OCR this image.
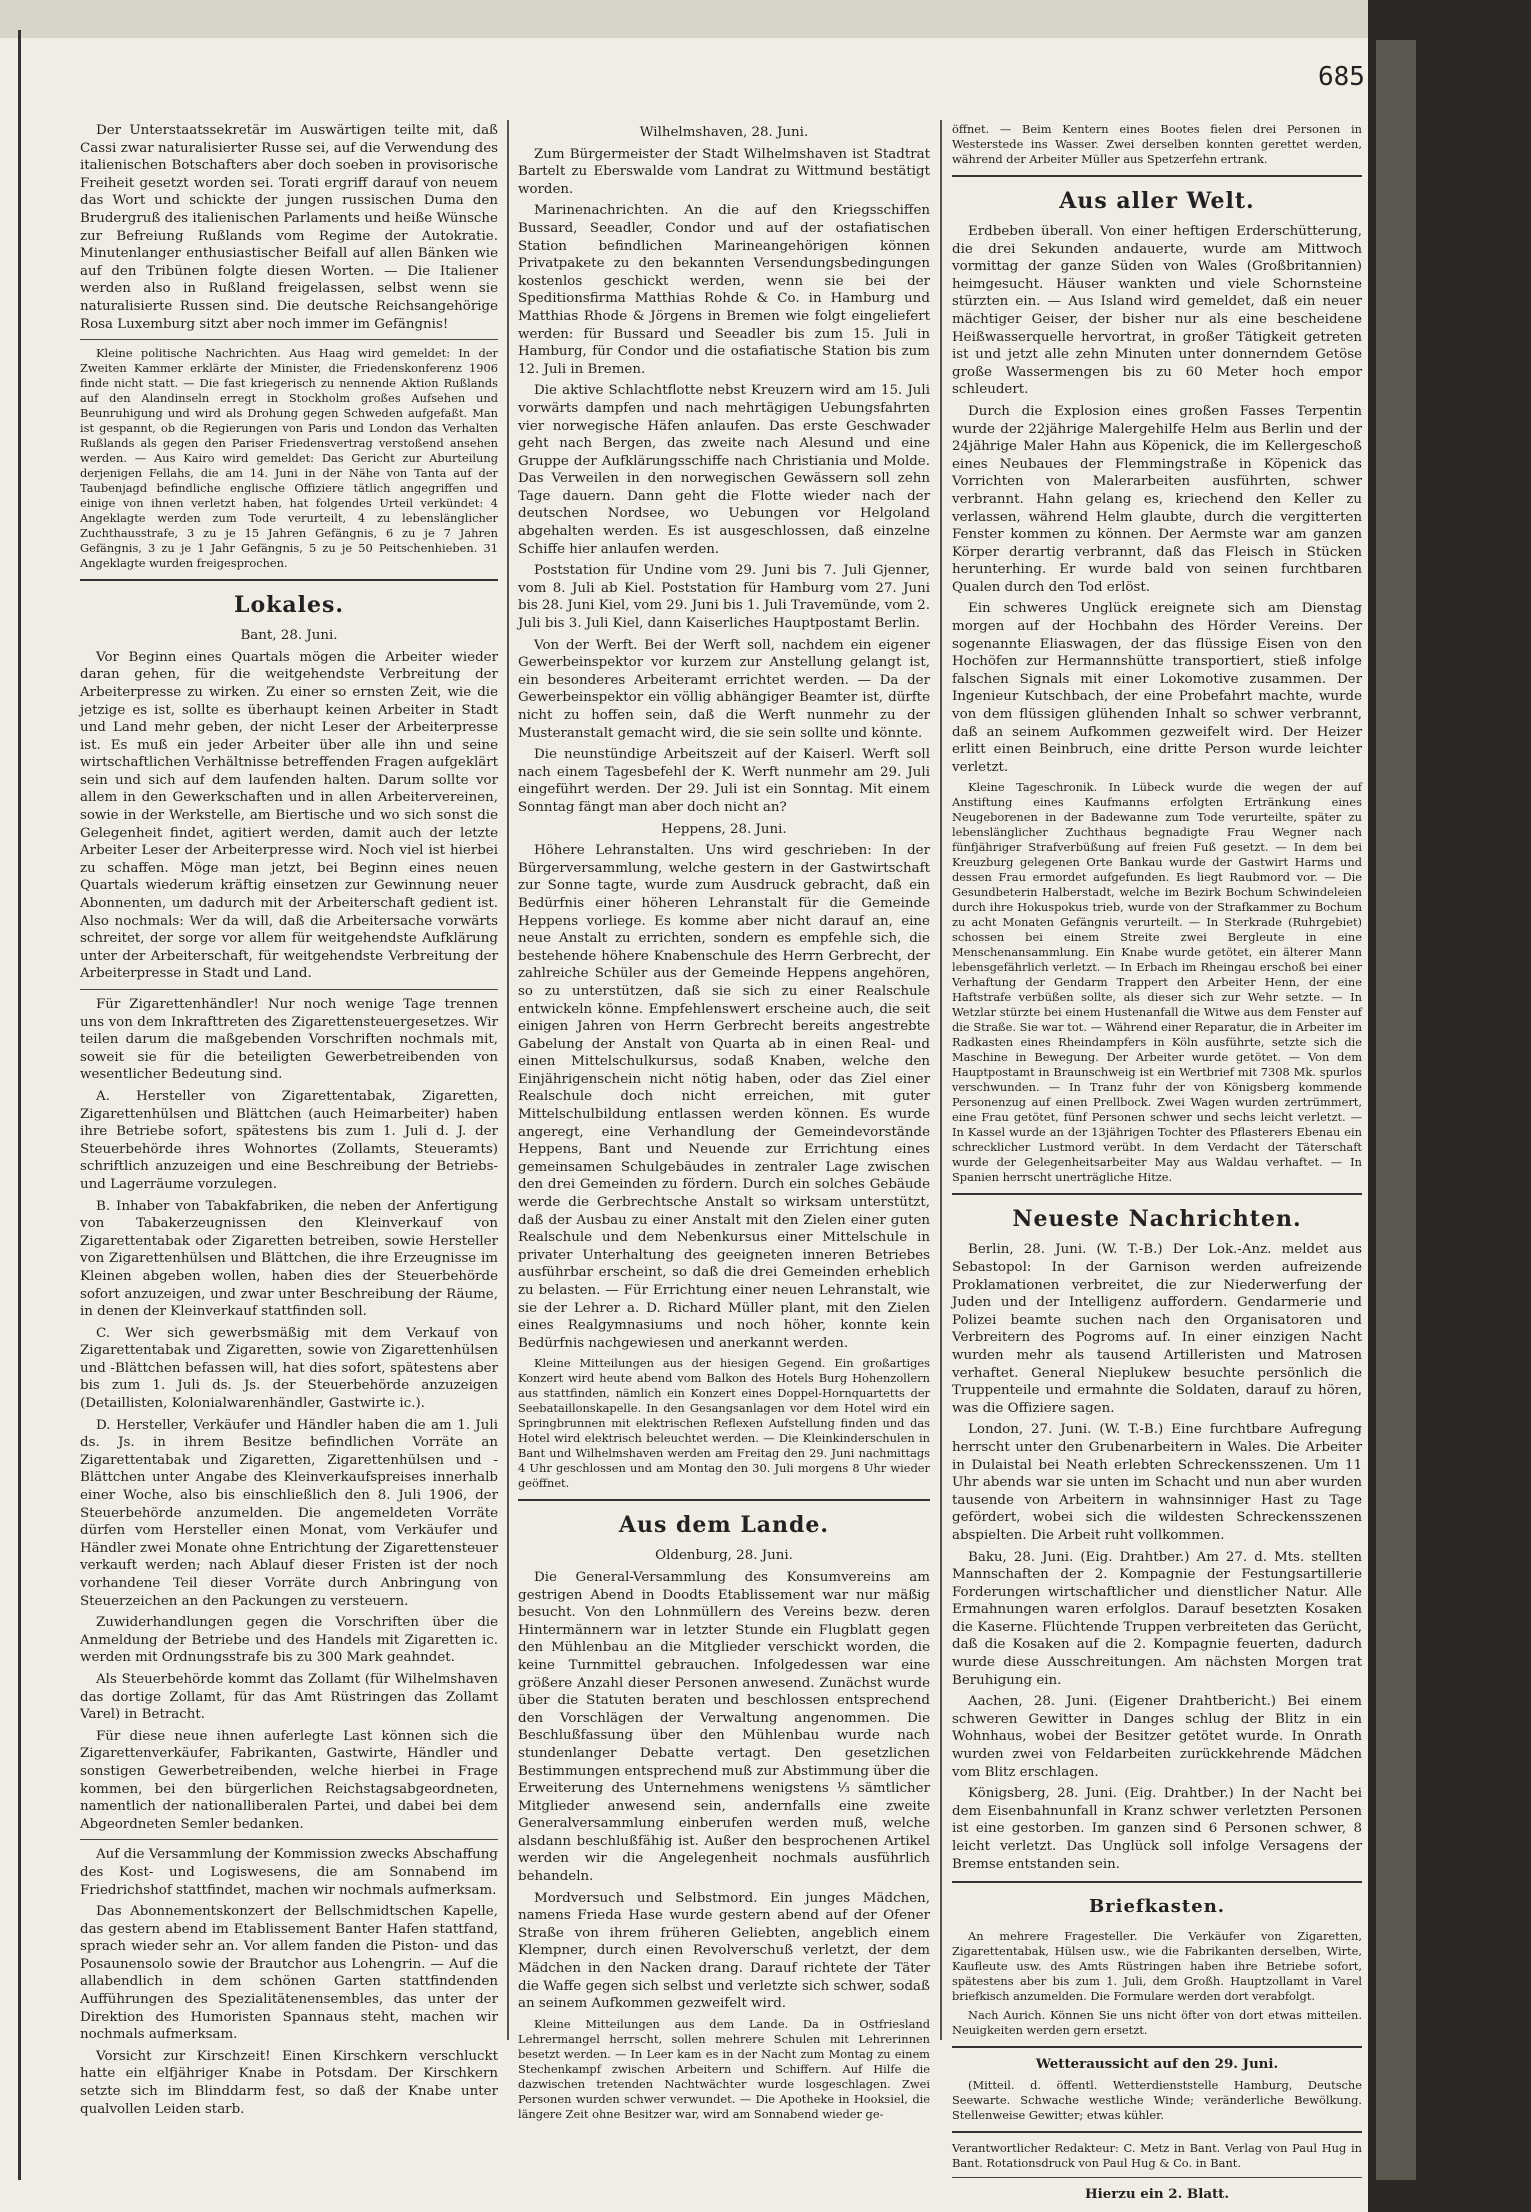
685

Der Unterstaatssekretär im Auswärtigen teilte mit, daß Cassi zwar naturalisierter Russe sei, auf die Verwendung des italienischen Botschafters aber doch soeben in provisorische Freiheit gesetzt worden sei. Torati ergriff darauf von neuem das Wort und schickte der jungen russischen Duma den Brudergruß des italienischen Parlaments und heiße Wünsche zur Befreiung Rußlands vom Regime der Autokratie. Minutenlanger enthusiastischer Beifall auf allen Bänken wie auf den Tribünen folgte diesen Worten. — Die Italiener werden also in Rußland freigelassen, selbst wenn sie naturalisierte Russen sind. Die deutsche Reichsangehörige Rosa Luxemburg sitzt aber noch immer im Gefängnis!

Kleine politische Nachrichten. Aus Haag wird gemeldet: In der Zweiten Kammer erklärte der Minister, die Friedenskonferenz 1906 finde nicht statt. — Die fast kriegerisch zu nennende Aktion Rußlands auf den Alandinseln erregt in Stockholm großes Aufsehen und Beunruhigung und wird als Drohung gegen Schweden aufgefaßt. Man ist gespannt, ob die Regierungen von Paris und London das Verhalten Rußlands als gegen den Pariser Friedensvertrag verstoßend ansehen werden. — Aus Kairo wird gemeldet: Das Gericht zur Aburteilung derjenigen Fellahs, die am 14. Juni in der Nähe von Tanta auf der Taubenjagd befindliche englische Offiziere tätlich angegriffen und einige von ihnen verletzt haben, hat folgendes Urteil verkündet: 4 Angeklagte werden zum Tode verurteilt, 4 zu lebenslänglicher Zuchthausstrafe, 3 zu je 15 Jahren Gefängnis, 6 zu je 7 Jahren Gefängnis, 3 zu je 1 Jahr Gefängnis, 5 zu je 50 Peitschenhieben. 31 Angeklagte wurden freigesprochen.

Lokales.
Bant, 28. Juni.

Vor Beginn eines Quartals mögen die Arbeiter wieder daran gehen, für die weitgehendste Verbreitung der Arbeiterpresse zu wirken. Zu einer so ernsten Zeit, wie die jetzige es ist, sollte es überhaupt keinen Arbeiter in Stadt und Land mehr geben, der nicht Leser der Arbeiterpresse ist. Es muß ein jeder Arbeiter über alle ihn und seine wirtschaftlichen Verhältnisse betreffenden Fragen aufgeklärt sein und sich auf dem laufenden halten. Darum sollte vor allem in den Gewerkschaften und in allen Arbeitervereinen, sowie in der Werkstelle, am Biertische und wo sich sonst die Gelegenheit findet, agitiert werden, damit auch der letzte Arbeiter Leser der Arbeiterpresse wird. Noch viel ist hierbei zu schaffen. Möge man jetzt, bei Beginn eines neuen Quartals wiederum kräftig einsetzen zur Gewinnung neuer Abonnenten, um dadurch mit der Arbeiterschaft gedient ist. Also nochmals: Wer da will, daß die Arbeitersache vorwärts schreitet, der sorge vor allem für weitgehendste Aufklärung unter der Arbeiterschaft, für weitgehendste Verbreitung der Arbeiterpresse in Stadt und Land.

Für Zigarettenhändler! Nur noch wenige Tage trennen uns von dem Inkrafttreten des Zigarettensteuergesetzes. Wir teilen darum die maßgebenden Vorschriften nochmals mit, soweit sie für die beteiligten Gewerbetreibenden von wesentlicher Bedeutung sind.

A. Hersteller von Zigarettentabak, Zigaretten, Zigarettenhülsen und Blättchen (auch Heimarbeiter) haben ihre Betriebe sofort, spätestens bis zum 1. Juli d. J. der Steuerbehörde ihres Wohnortes (Zollamts, Steueramts) schriftlich anzuzeigen und eine Beschreibung der Betriebs- und Lagerräume vorzulegen.

B. Inhaber von Tabakfabriken, die neben der Anfertigung von Tabakerzeugnissen den Kleinverkauf von Zigarettentabak oder Zigaretten betreiben, sowie Hersteller von Zigarettenhülsen und Blättchen, die ihre Erzeugnisse im Kleinen abgeben wollen, haben dies der Steuerbehörde sofort anzuzeigen, und zwar unter Beschreibung der Räume, in denen der Kleinverkauf stattfinden soll.

C. Wer sich gewerbsmäßig mit dem Verkauf von Zigarettentabak und Zigaretten, sowie von Zigarettenhülsen und -Blättchen befassen will, hat dies sofort, spätestens aber bis zum 1. Juli ds. Js. der Steuerbehörde anzuzeigen (Detaillisten, Kolonialwarenhändler, Gastwirte ic.).

D. Hersteller, Verkäufer und Händler haben die am 1. Juli ds. Js. in ihrem Besitze befindlichen Vorräte an Zigarettentabak und Zigaretten, Zigarettenhülsen und -Blättchen unter Angabe des Kleinverkaufspreises innerhalb einer Woche, also bis einschließlich den 8. Juli 1906, der Steuerbehörde anzumelden. Die angemeldeten Vorräte dürfen vom Hersteller einen Monat, vom Verkäufer und Händler zwei Monate ohne Entrichtung der Zigarettensteuer verkauft werden; nach Ablauf dieser Fristen ist der noch vorhandene Teil dieser Vorräte durch Anbringung von Steuerzeichen an den Packungen zu versteuern.

Zuwiderhandlungen gegen die Vorschriften über die Anmeldung der Betriebe und des Handels mit Zigaretten ic. werden mit Ordnungsstrafe bis zu 300 Mark geahndet.

Als Steuerbehörde kommt das Zollamt (für Wilhelmshaven das dortige Zollamt, für das Amt Rüstringen das Zollamt Varel) in Betracht.

Für diese neue ihnen auferlegte Last können sich die Zigarettenverkäufer, Fabrikanten, Gastwirte, Händler und sonstigen Gewerbetreibenden, welche hierbei in Frage kommen, bei den bürgerlichen Reichstagsabgeordneten, namentlich der nationalliberalen Partei, und dabei bei dem Abgeordneten Semler bedanken.

Auf die Versammlung der Kommission zwecks Abschaffung des Kost- und Logiswesens, die am Sonnabend im Friedrichshof stattfindet, machen wir nochmals aufmerksam.

Das Abonnementskonzert der Bellschmidtschen Kapelle, das gestern abend im Etablissement Banter Hafen stattfand, sprach wieder sehr an. Vor allem fanden die Piston- und das Posaunensolo sowie der Brautchor aus Lohengrin. — Auf die allabendlich in dem schönen Garten stattfindenden Aufführungen des Spezialitätenensembles, das unter der Direktion des Humoristen Spannaus steht, machen wir nochmals aufmerksam.

Vorsicht zur Kirschzeit! Einen Kirschkern verschluckt hatte ein elfjähriger Knabe in Potsdam. Der Kirschkern setzte sich im Blinddarm fest, so daß der Knabe unter qualvollen Leiden starb.

Wilhelmshaven, 28. Juni.

Zum Bürgermeister der Stadt Wilhelmshaven ist Stadtrat Bartelt zu Eberswalde vom Landrat zu Wittmund bestätigt worden.

Marinenachrichten. An die auf den Kriegsschiffen Bussard, Seeadler, Condor und auf der ostafiatischen Station befindlichen Marineangehörigen können Privatpakete zu den bekannten Versendungsbedingungen kostenlos geschickt werden, wenn sie bei der Speditionsfirma Matthias Rohde & Co. in Hamburg und Matthias Rhode & Jörgens in Bremen wie folgt eingeliefert werden: für Bussard und Seeadler bis zum 15. Juli in Hamburg, für Condor und die ostafiatische Station bis zum 12. Juli in Bremen.

Die aktive Schlachtflotte nebst Kreuzern wird am 15. Juli vorwärts dampfen und nach mehrtägigen Uebungsfahrten vier norwegische Häfen anlaufen. Das erste Geschwader geht nach Bergen, das zweite nach Alesund und eine Gruppe der Aufklärungsschiffe nach Christiania und Molde. Das Verweilen in den norwegischen Gewässern soll zehn Tage dauern. Dann geht die Flotte wieder nach der deutschen Nordsee, wo Uebungen vor Helgoland abgehalten werden. Es ist ausgeschlossen, daß einzelne Schiffe hier anlaufen werden.

Poststation für Undine vom 29. Juni bis 7. Juli Gjenner, vom 8. Juli ab Kiel. Poststation für Hamburg vom 27. Juni bis 28. Juni Kiel, vom 29. Juni bis 1. Juli Travemünde, vom 2. Juli bis 3. Juli Kiel, dann Kaiserliches Hauptpostamt Berlin.

Von der Werft. Bei der Werft soll, nachdem ein eigener Gewerbeinspektor vor kurzem zur Anstellung gelangt ist, ein besonderes Arbeiteramt errichtet werden. — Da der Gewerbeinspektor ein völlig abhängiger Beamter ist, dürfte nicht zu hoffen sein, daß die Werft nunmehr zu der Musteranstalt gemacht wird, die sie sein sollte und könnte.

Die neunstündige Arbeitszeit auf der Kaiserl. Werft soll nach einem Tagesbefehl der K. Werft nunmehr am 29. Juli eingeführt werden. Der 29. Juli ist ein Sonntag. Mit einem Sonntag fängt man aber doch nicht an?

Heppens, 28. Juni.

Höhere Lehranstalten. Uns wird geschrieben: In der Bürgerversammlung, welche gestern in der Gastwirtschaft zur Sonne tagte, wurde zum Ausdruck gebracht, daß ein Bedürfnis einer höheren Lehranstalt für die Gemeinde Heppens vorliege. Es komme aber nicht darauf an, eine neue Anstalt zu errichten, sondern es empfehle sich, die bestehende höhere Knabenschule des Herrn Gerbrecht, der zahlreiche Schüler aus der Gemeinde Heppens angehören, so zu unterstützen, daß sie sich zu einer Realschule entwickeln könne. Empfehlenswert erscheine auch, die seit einigen Jahren von Herrn Gerbrecht bereits angestrebte Gabelung der Anstalt von Quarta ab in einen Real- und einen Mittelschulkursus, sodaß Knaben, welche den Einjährigenschein nicht nötig haben, oder das Ziel einer Realschule doch nicht erreichen, mit guter Mittelschulbildung entlassen werden können. Es wurde angeregt, eine Verhandlung der Gemeindevorstände Heppens, Bant und Neuende zur Errichtung eines gemeinsamen Schulgebäudes in zentraler Lage zwischen den drei Gemeinden zu fördern. Durch ein solches Gebäude werde die Gerbrechtsche Anstalt so wirksam unterstützt, daß der Ausbau zu einer Anstalt mit den Zielen einer guten Realschule und dem Nebenkursus einer Mittelschule in privater Unterhaltung des geeigneten inneren Betriebes ausführbar erscheint, so daß die drei Gemeinden erheblich zu belasten. — Für Errichtung einer neuen Lehranstalt, wie sie der Lehrer a. D. Richard Müller plant, mit den Zielen eines Realgymnasiums und noch höher, konnte kein Bedürfnis nachgewiesen und anerkannt werden.

Kleine Mitteilungen aus der hiesigen Gegend. Ein großartiges Konzert wird heute abend vom Balkon des Hotels Burg Hohenzollern aus stattfinden, nämlich ein Konzert eines Doppel-Hornquartetts der Seebataillonskapelle. In den Gesangsanlagen vor dem Hotel wird ein Springbrunnen mit elektrischen Reflexen Aufstellung finden und das Hotel wird elektrisch beleuchtet werden. — Die Kleinkinderschulen in Bant und Wilhelmshaven werden am Freitag den 29. Juni nachmittags 4 Uhr geschlossen und am Montag den 30. Juli morgens 8 Uhr wieder geöffnet.

Aus dem Lande.
Oldenburg, 28. Juni.

Die General-Versammlung des Konsumvereins am gestrigen Abend in Doodts Etablissement war nur mäßig besucht. Von den Lohnmüllern des Vereins bezw. deren Hintermännern war in letzter Stunde ein Flugblatt gegen den Mühlenbau an die Mitglieder verschickt worden, die keine Turnmittel gebrauchen. Infolgedessen war eine größere Anzahl dieser Personen anwesend. Zunächst wurde über die Statuten beraten und beschlossen entsprechend den Vorschlägen der Verwaltung angenommen. Die Beschlußfassung über den Mühlenbau wurde nach stundenlanger Debatte vertagt. Den gesetzlichen Bestimmungen entsprechend muß zur Abstimmung über die Erweiterung des Unternehmens wenigstens ⅓ sämtlicher Mitglieder anwesend sein, andernfalls eine zweite Generalversammlung einberufen werden muß, welche alsdann beschlußfähig ist. Außer den besprochenen Artikel werden wir die Angelegenheit nochmals ausführlich behandeln.

Mordversuch und Selbstmord. Ein junges Mädchen, namens Frieda Hase wurde gestern abend auf der Ofener Straße von ihrem früheren Geliebten, angeblich einem Klempner, durch einen Revolverschuß verletzt, der dem Mädchen in den Nacken drang. Darauf richtete der Täter die Waffe gegen sich selbst und verletzte sich schwer, sodaß an seinem Aufkommen gezweifelt wird.

Kleine Mitteilungen aus dem Lande. Da in Ostfriesland Lehrermangel herrscht, sollen mehrere Schulen mit Lehrerinnen besetzt werden. — In Leer kam es in der Nacht zum Montag zu einem Stechenkampf zwischen Arbeitern und Schiffern. Auf Hilfe die dazwischen tretenden Nachtwächter wurde losgeschlagen. Zwei Personen wurden schwer verwundet. — Die Apotheke in Hooksiel, die längere Zeit ohne Besitzer war, wird am Sonnabend wieder ge-

öffnet. — Beim Kentern eines Bootes fielen drei Personen in Westerstede ins Wasser. Zwei derselben konnten gerettet werden, während der Arbeiter Müller aus Spetzerfehn ertrank.

Aus aller Welt.

Erdbeben überall. Von einer heftigen Erderschütterung, die drei Sekunden andauerte, wurde am Mittwoch vormittag der ganze Süden von Wales (Großbritannien) heimgesucht. Häuser wankten und viele Schornsteine stürzten ein. — Aus Island wird gemeldet, daß ein neuer mächtiger Geiser, der bisher nur als eine bescheidene Heißwasserquelle hervortrat, in großer Tätigkeit getreten ist und jetzt alle zehn Minuten unter donnerndem Getöse große Wassermengen bis zu 60 Meter hoch empor schleudert.

Durch die Explosion eines großen Fasses Terpentin wurde der 22jährige Malergehilfe Helm aus Berlin und der 24jährige Maler Hahn aus Köpenick, die im Kellergeschoß eines Neubaues der Flemmingstraße in Köpenick das Vorrichten von Malerarbeiten ausführten, schwer verbrannt. Hahn gelang es, kriechend den Keller zu verlassen, während Helm glaubte, durch die vergitterten Fenster kommen zu können. Der Aermste war am ganzen Körper derartig verbrannt, daß das Fleisch in Stücken herunterhing. Er wurde bald von seinen furchtbaren Qualen durch den Tod erlöst.

Ein schweres Unglück ereignete sich am Dienstag morgen auf der Hochbahn des Hörder Vereins. Der sogenannte Eliaswagen, der das flüssige Eisen von den Hochöfen zur Hermannshütte transportiert, stieß infolge falschen Signals mit einer Lokomotive zusammen. Der Ingenieur Kutschbach, der eine Probefahrt machte, wurde von dem flüssigen glühenden Inhalt so schwer verbrannt, daß an seinem Aufkommen gezweifelt wird. Der Heizer erlitt einen Beinbruch, eine dritte Person wurde leichter verletzt.

Kleine Tageschronik. In Lübeck wurde die wegen der auf Anstiftung eines Kaufmanns erfolgten Ertränkung eines Neugeborenen in der Badewanne zum Tode verurteilte, später zu lebenslänglicher Zuchthaus begnadigte Frau Wegner nach fünfjähriger Strafverbüßung auf freien Fuß gesetzt. — In dem bei Kreuzburg gelegenen Orte Bankau wurde der Gastwirt Harms und dessen Frau ermordet aufgefunden. Es liegt Raubmord vor. — Die Gesundbeterin Halberstadt, welche im Bezirk Bochum Schwindeleien durch ihre Hokuspokus trieb, wurde von der Strafkammer zu Bochum zu acht Monaten Gefängnis verurteilt. — In Sterkrade (Ruhrgebiet) schossen bei einem Streite zwei Bergleute in eine Menschenansammlung. Ein Knabe wurde getötet, ein älterer Mann lebensgefährlich verletzt. — In Erbach im Rheingau erschoß bei einer Verhaftung der Gendarm Trappert den Arbeiter Henn, der eine Haftstrafe verbüßen sollte, als dieser sich zur Wehr setzte. — In Wetzlar stürzte bei einem Hustenanfall die Witwe aus dem Fenster auf die Straße. Sie war tot. — Während einer Reparatur, die in Arbeiter im Radkasten eines Rheindampfers in Köln ausführte, setzte sich die Maschine in Bewegung. Der Arbeiter wurde getötet. — Von dem Hauptpostamt in Braunschweig ist ein Wertbrief mit 7308 Mk. spurlos verschwunden. — In Tranz fuhr der von Königsberg kommende Personenzug auf einen Prellbock. Zwei Wagen wurden zertrümmert, eine Frau getötet, fünf Personen schwer und sechs leicht verletzt. — In Kassel wurde an der 13jährigen Tochter des Pflasterers Ebenau ein schrecklicher Lustmord verübt. In dem Verdacht der Täterschaft wurde der Gelegenheitsarbeiter May aus Waldau verhaftet. — In Spanien herrscht unerträgliche Hitze.

Neueste Nachrichten.

Berlin, 28. Juni. (W. T.-B.) Der Lok.-Anz. meldet aus Sebastopol: In der Garnison werden aufreizende Proklamationen verbreitet, die zur Niederwerfung der Juden und der Intelligenz auffordern. Gendarmerie und Polizei beamte suchen nach den Organisatoren und Verbreitern des Pogroms auf. In einer einzigen Nacht wurden mehr als tausend Artilleristen und Matrosen verhaftet. General Nieplukew besuchte persönlich die Truppenteile und ermahnte die Soldaten, darauf zu hören, was die Offiziere sagen.

London, 27. Juni. (W. T.-B.) Eine furchtbare Aufregung herrscht unter den Grubenarbeitern in Wales. Die Arbeiter in Dulaistal bei Neath erlebten Schreckensszenen. Um 11 Uhr abends war sie unten im Schacht und nun aber wurden tausende von Arbeitern in wahnsinniger Hast zu Tage gefördert, wobei sich die wildesten Schreckensszenen abspielten. Die Arbeit ruht vollkommen.

Baku, 28. Juni. (Eig. Drahtber.) Am 27. d. Mts. stellten Mannschaften der 2. Kompagnie der Festungsartillerie Forderungen wirtschaftlicher und dienstlicher Natur. Alle Ermahnungen waren erfolglos. Darauf besetzten Kosaken die Kaserne. Flüchtende Truppen verbreiteten das Gerücht, daß die Kosaken auf die 2. Kompagnie feuerten, dadurch wurde diese Ausschreitungen. Am nächsten Morgen trat Beruhigung ein.

Aachen, 28. Juni. (Eigener Drahtbericht.) Bei einem schweren Gewitter in Danges schlug der Blitz in ein Wohnhaus, wobei der Besitzer getötet wurde. In Onrath wurden zwei von Feldarbeiten zurückkehrende Mädchen vom Blitz erschlagen.

Königsberg, 28. Juni. (Eig. Drahtber.) In der Nacht bei dem Eisenbahnunfall in Kranz schwer verletzten Personen ist eine gestorben. Im ganzen sind 6 Personen schwer, 8 leicht verletzt. Das Unglück soll infolge Versagens der Bremse entstanden sein.

Briefkasten.

An mehrere Fragesteller. Die Verkäufer von Zigaretten, Zigarettentabak, Hülsen usw., wie die Fabrikanten derselben, Wirte, Kaufleute usw. des Amts Rüstringen haben ihre Betriebe sofort, spätestens aber bis zum 1. Juli, dem Großh. Hauptzollamt in Varel briefkisch anzumelden. Die Formulare werden dort verabfolgt.

Nach Aurich. Können Sie uns nicht öfter von dort etwas mitteilen. Neuigkeiten werden gern ersetzt.

Wetteraussicht auf den 29. Juni.

(Mitteil. d. öffentl. Wetterdienststelle Hamburg, Deutsche Seewarte. Schwache westliche Winde; veränderliche Bewölkung. Stellenweise Gewitter; etwas kühler.

Verantwortlicher Redakteur: C. Metz in Bant. Verlag von Paul Hug in Bant. Rotationsdruck von Paul Hug & Co. in Bant.

Hierzu ein 2. Blatt.
